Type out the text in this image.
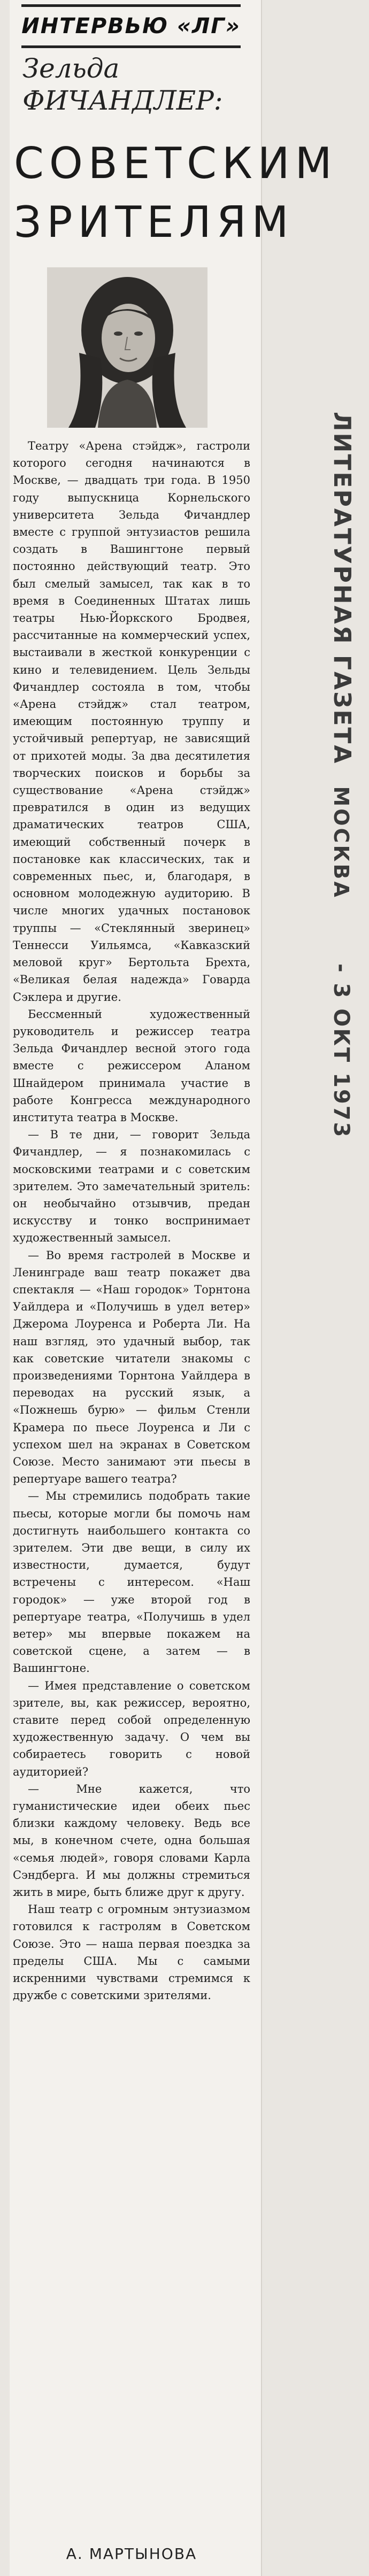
ИНТЕРВЬЮ «ЛГ»
Зельда
ФИЧАНДЛЕР:
СОВЕТСКИМ
ЗРИТЕЛЯМ

Театру «Арена стэйдж», гастроли которого сегодня начинаются в Москве, — двадцать три года. В 1950 году выпускница Корнельского университета Зельда Фичандлер вместе с группой энтузиастов решила создать в Вашингтоне первый постоянно действующий театр. Это был смелый замысел, так как в то время в Соединенных Штатах лишь театры Нью-Йоркского Бродвея, рассчитанные на коммерческий успех, выстаивали в жесткой конкуренции с кино и телевидением. Цель Зельды Фичандлер состояла в том, чтобы «Арена стэйдж» стал театром, имеющим постоянную труппу и устойчивый репертуар, не зависящий от прихотей моды. За два десятилетия творческих поисков и борьбы за существование «Арена стэйдж» превратился в один из ведущих драматических театров США, имеющий собственный почерк в постановке как классических, так и современных пьес, и, благодаря, в основном молодежную аудиторию. В числе многих удачных постановок труппы — «Стеклянный зверинец» Теннесси Уильямса, «Кавказский меловой круг» Бертольта Брехта, «Великая белая надежда» Говарда Сэклера и другие.

Бессменный художественный руководитель и режиссер театра Зельда Фичандлер весной этого года вместе с режиссером Аланом Шнайдером принимала участие в работе Конгресса международного института театра в Москве.

— В те дни, — говорит Зельда Фичандлер, — я познакомилась с московскими театрами и с советским зрителем. Это замечательный зритель: он необычайно отзывчив, предан искусству и тонко воспринимает художественный замысел.

— Во время гастролей в Москве и Ленинграде ваш театр покажет два спектакля — «Наш городок» Торнтона Уайлдера и «Получишь в удел ветер» Джерома Лоуренса и Роберта Ли. На наш взгляд, это удачный выбор, так как советские читатели знакомы с произведениями Торнтона Уайлдера в переводах на русский язык, а «Пожнешь бурю» — фильм Стенли Крамера по пьесе Лоуренса и Ли с успехом шел на экранах в Советском Союзе. Место занимают эти пьесы в репертуаре вашего театра?

— Мы стремились подобрать такие пьесы, которые могли бы помочь нам достигнуть наибольшего контакта со зрителем. Эти две вещи, в силу их известности, думается, будут встречены с интересом. «Наш городок» — уже второй год в репертуаре театра, «Получишь в удел ветер» мы впервые покажем на советской сцене, а затем — в Вашингтоне.

— Имея представление о советском зрителе, вы, как режиссер, вероятно, ставите перед собой определенную художественную задачу. О чем вы собираетесь говорить с новой аудиторией?

— Мне кажется, что гуманистические идеи обеих пьес близки каждому человеку. Ведь все мы, в конечном счете, одна большая «семья людей», говоря словами Карла Сэндберга. И мы должны стремиться жить в мире, быть ближе друг к другу.

Наш театр с огромным энтузиазмом готовился к гастролям в Советском Союзе. Это — наша первая поездка за пределы США. Мы с самыми искренними чувствами стремимся к дружбе с советскими зрителями.

А. МАРТЫНОВА
ЛИТЕРАТУРНАЯ ГАЗЕТАМОСКВА- 3 ОКТ 1973
